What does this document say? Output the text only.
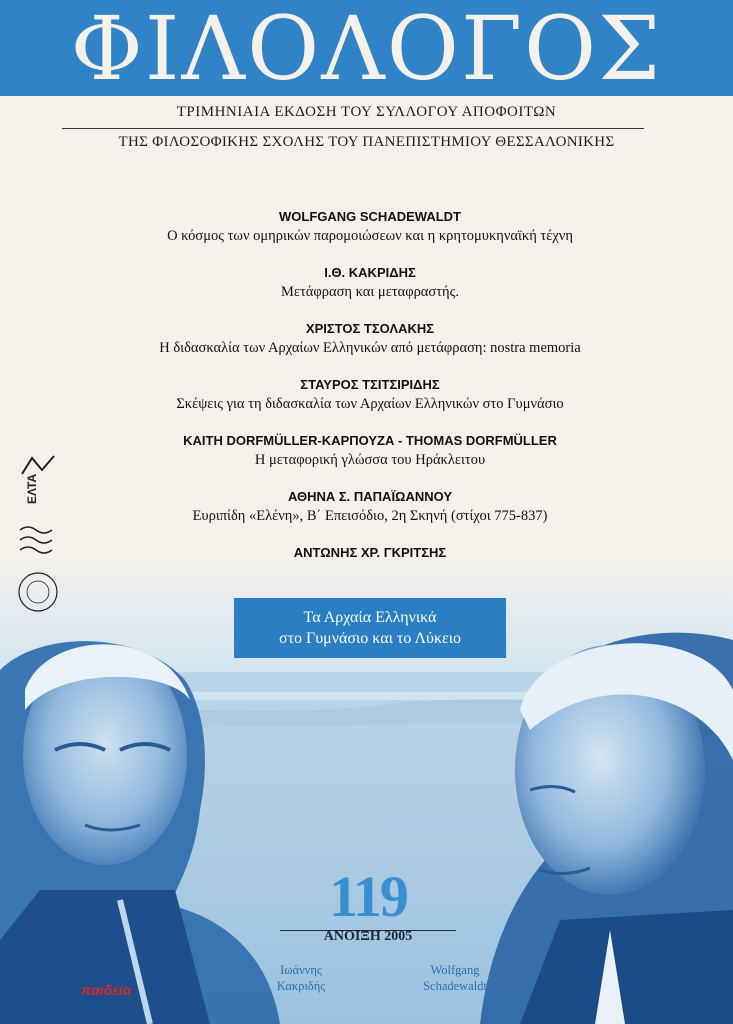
ΦΙΛΟΛΟΓΟΣ
ΤΡΙΜΗΝΙΑΙΑ ΕΚΔΟΣΗ ΤΟΥ ΣΥΛΛΟΓΟΥ ΑΠΟΦΟΙΤΩΝ
ΤΗΣ ΦΙΛΟΣΟΦΙΚΗΣ ΣΧΟΛΗΣ ΤΟΥ ΠΑΝΕΠΙΣΤΗΜΙΟΥ ΘΕΣΣΑΛΟΝΙΚΗΣ
WOLFGANG SCHADEWALDT
Ο κόσμος των ομηρικών παρομοιώσεων και η κρητομυκηναϊκή τέχνη
Ι.Θ. ΚΑΚΡΙΔΗΣ
Μετάφραση και μεταφραστής.
ΧΡΙΣΤΟΣ ΤΣΟΛΑΚΗΣ
Η διδασκαλία των Αρχαίων Ελληνικών από μετάφραση: nostra memoria
ΣΤΑΥΡΟΣ ΤΣΙΤΣΙΡΙΔΗΣ
Σκέψεις για τη διδασκαλία των Αρχαίων Ελληνικών στο Γυμνάσιο
KAITH DORFMÜLLER-ΚΑΡΠΟΥΖΑ - THOMAS DORFMÜLLER
Η μεταφορική γλώσσα του Ηράκλειτου
ΑΘΗΝΑ Σ. ΠΑΠΑΪΩΑΝΝΟΥ
Ευριπίδη «Ελένη», Β΄ Επεισόδιο, 2η Σκηνή (στίχοι 775-837)
ΑΝΤΩΝΗΣ ΧΡ. ΓΚΡΙΤΣΗΣ
Τα Αρχαία Ελληνικά
στο Γυμνάσιο και το Λύκειο
119
ΑΝΟΙΞΗ 2005
Ιωάννης
Κακριδής
Wolfgang
Schadewaldt
ΜΑΛΛΙΑΡΗΣ παιδεία
ΕΛΤΑ
